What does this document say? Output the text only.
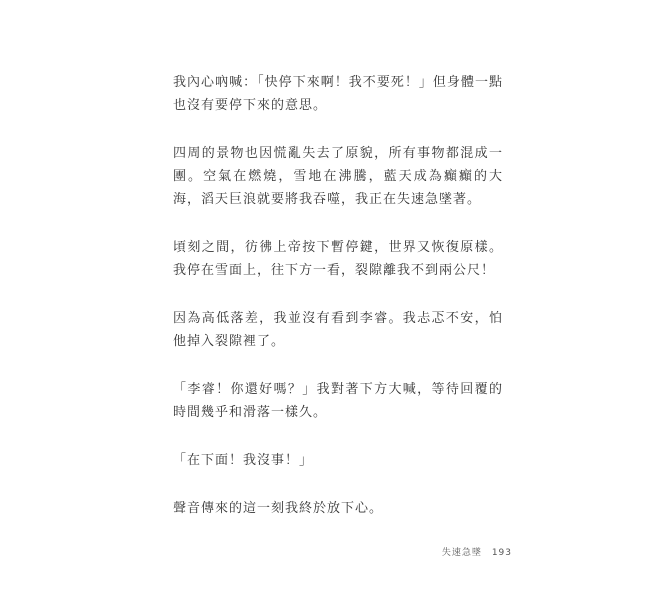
我內心吶喊：「快停下來啊！我不要死！」但身體一點也沒有要停下來的意思。

四周的景物也因慌亂失去了原貌，所有事物都混成一團。空氣在燃燒，雪地在沸騰，藍天成為癲癲的大海，滔天巨浪就要將我吞噬，我正在失速急墜著。

頃刻之間，彷彿上帝按下暫停鍵，世界又恢復原樣。我停在雪面上，往下方一看，裂隙離我不到兩公尺！

因為高低落差，我並沒有看到李睿。我忐忑不安，怕他掉入裂隙裡了。

「李睿！你還好嗎？」我對著下方大喊，等待回覆的時間幾乎和滑落一樣久。

「在下面！我沒事！」

聲音傳來的這一刻我終於放下心。

失速急墜 193
